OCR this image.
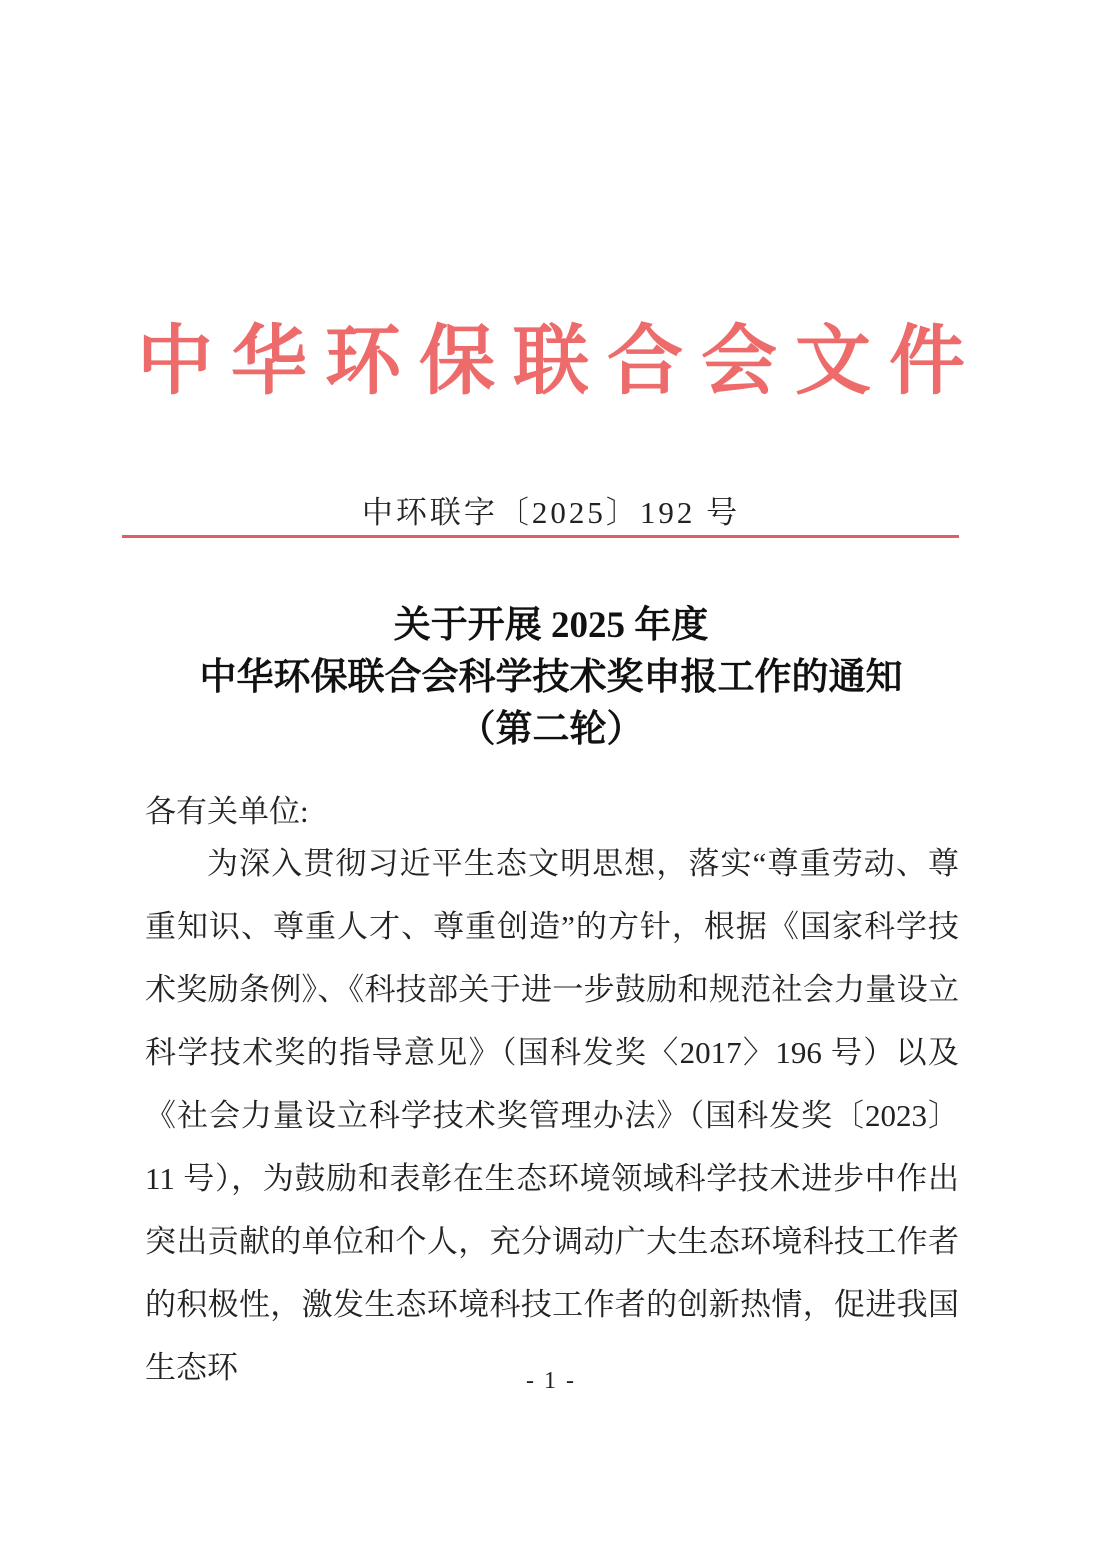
中华环保联合会文件
中环联字〔2025〕192 号
关于开展 2025 年度
中华环保联合会科学技术奖申报工作的通知
（第二轮）
各有关单位:
为深入贯彻习近平生态文明思想，落实“尊重劳动、尊重知识、尊重人才、尊重创造”的方针，根据《国家科学技术奖励条例》、《科技部关于进一步鼓励和规范社会力量设立科学技术奖的指导意见》（国科发奖〈2017〉196 号）以及《社会力量设立科学技术奖管理办法》（国科发奖〔2023〕11 号），为鼓励和表彰在生态环境领域科学技术进步中作出突出贡献的单位和个人，充分调动广大生态环境科技工作者的积极性，激发生态环境科技工作者的创新热情，促进我国生态环	- 1 -
